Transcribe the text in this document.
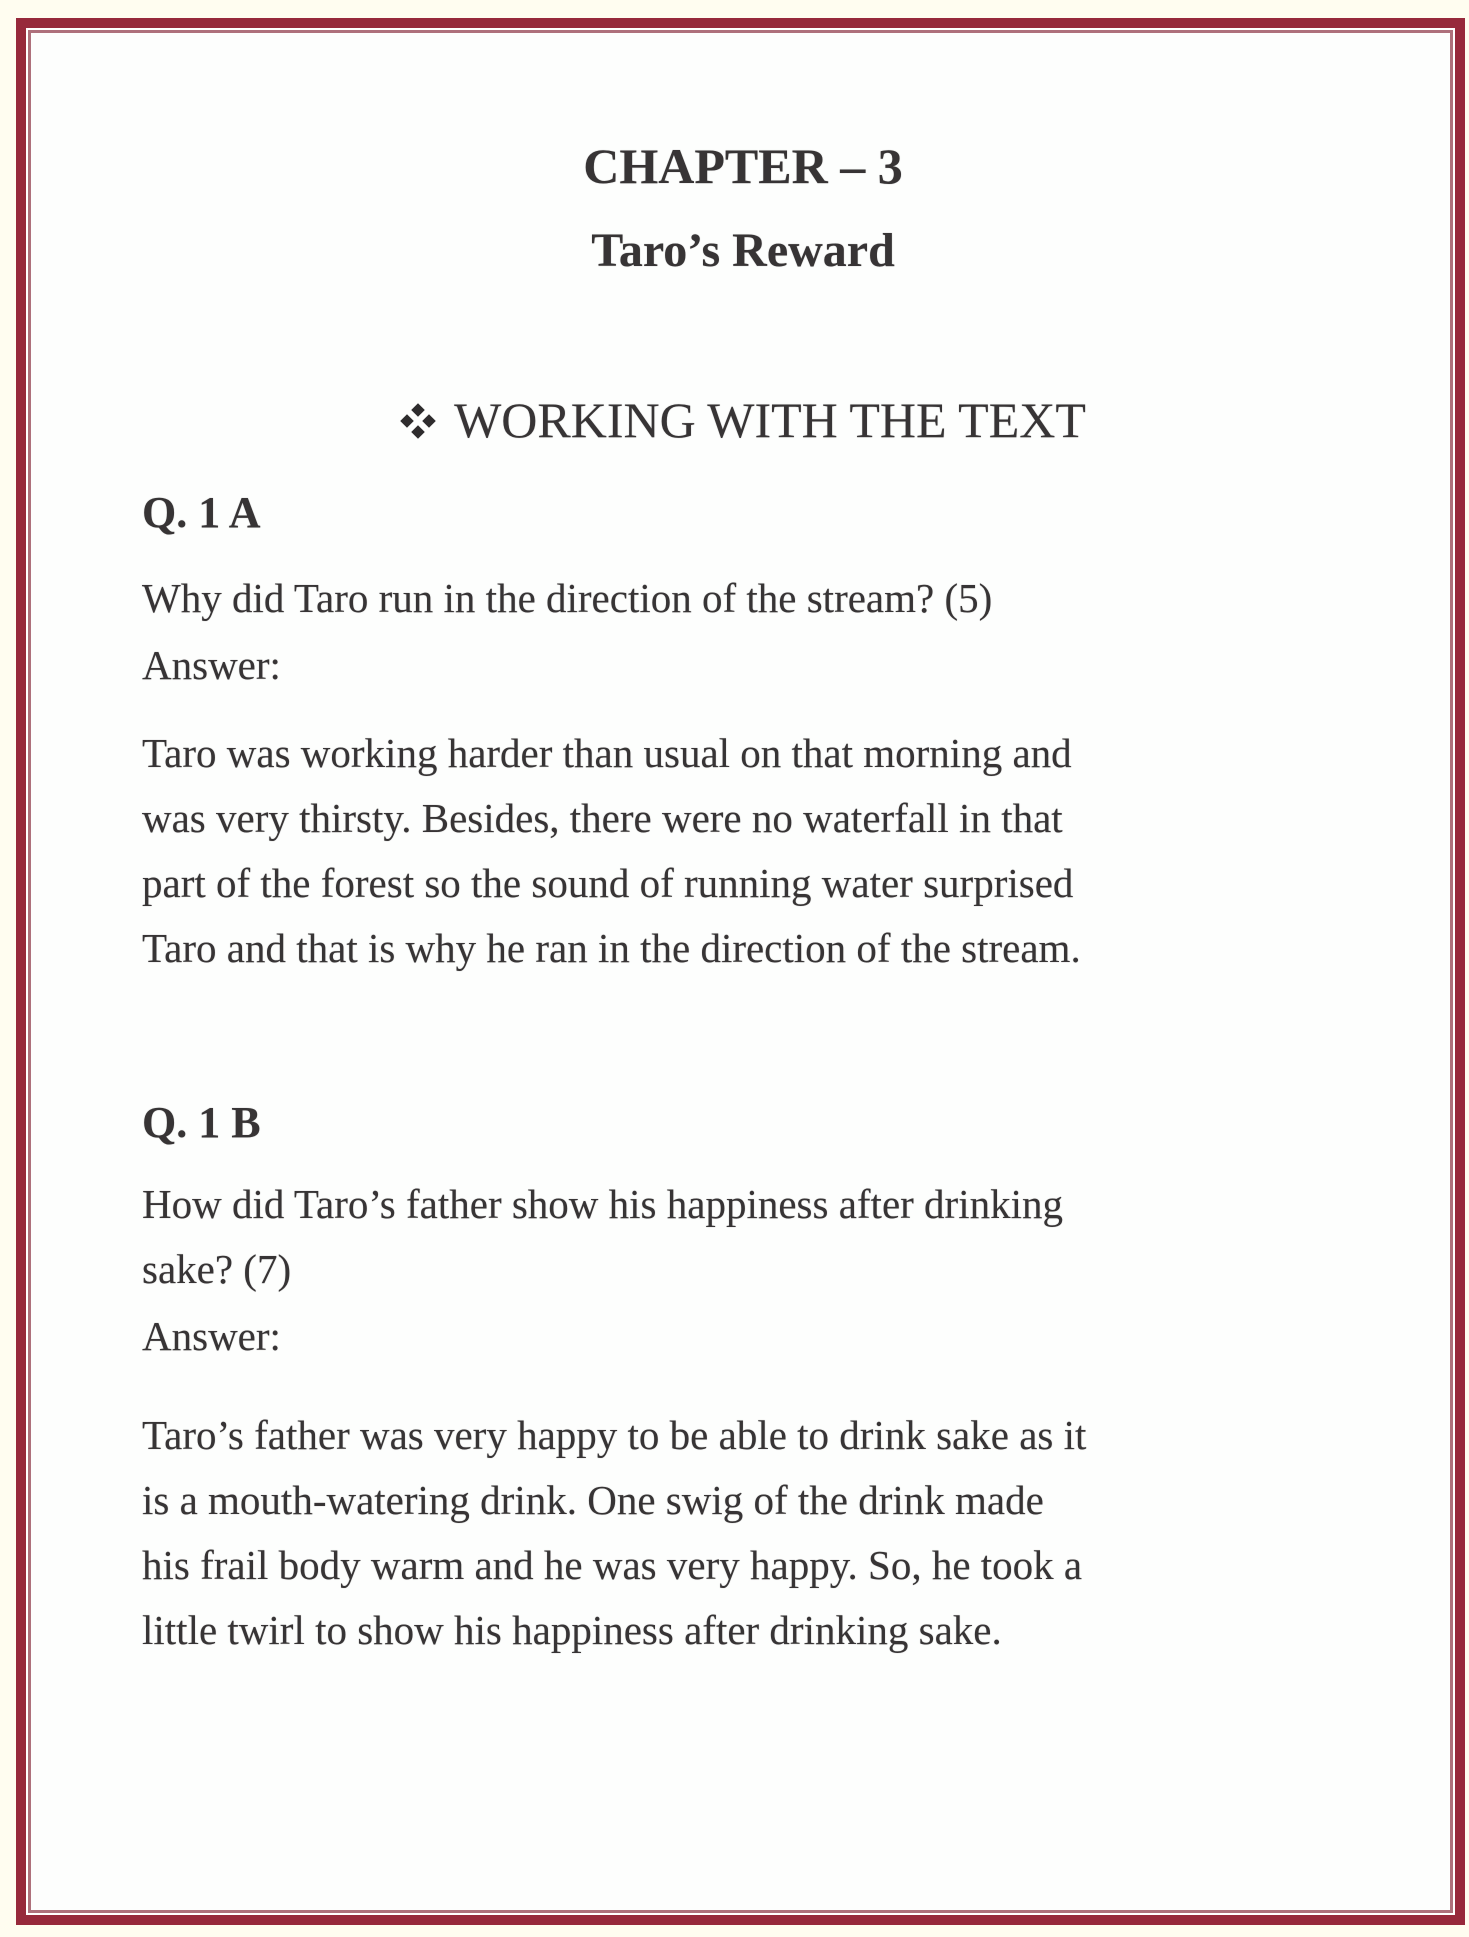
CHAPTER – 3
Taro’s Reward
WORKING WITH THE TEXT
Q. 1 A
Why did Taro run in the direction of the stream? (5)
Answer:
Taro was working harder than usual on that morning and
was very thirsty. Besides, there were no waterfall in that
part of the forest so the sound of running water surprised
Taro and that is why he ran in the direction of the stream.
Q. 1 B
How did Taro’s father show his happiness after drinking
sake? (7)
Answer:
Taro’s father was very happy to be able to drink sake as it
is a mouth-watering drink. One swig of the drink made
his frail body warm and he was very happy. So, he took a
little twirl to show his happiness after drinking sake.
